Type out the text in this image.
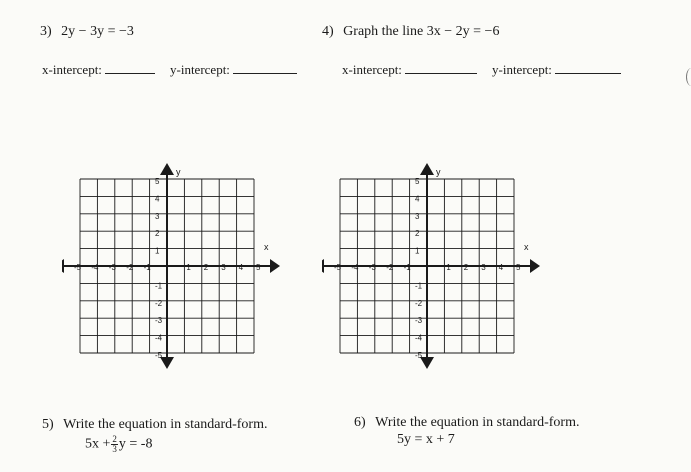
3) 2y − 3y = −3	4) Graph the line 3x − 2y = −6
x-intercept:	y-intercept:	x-intercept:	y-intercept:
y
x
-5 -4 -3 -2 -1	1 2 3 4 5
5
4
3
2
1
-1
-2
-3
-4
-5
y
x
-5 -4 -3 -2 -1	1 2 3 4 5
5
4
3
2
1
-1
-2
-3
-4
-5
5) Write the equation in standard-form.
$5x + \frac{2}{3}$ y = -8
6) Write the equation in standard-form.
5y = x + 7
